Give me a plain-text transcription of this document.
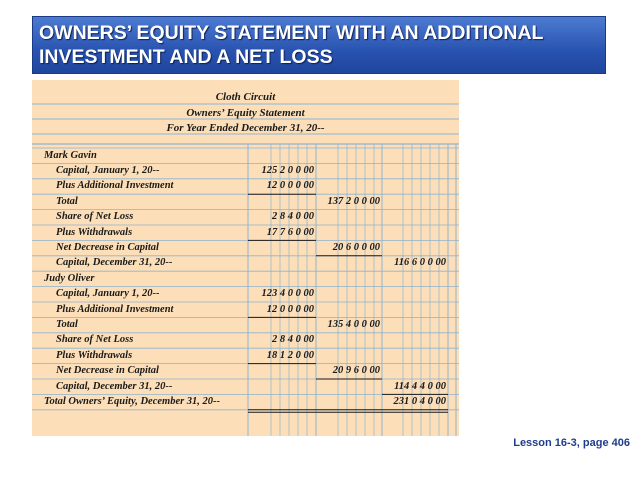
OWNERS’ EQUITY STATEMENT WITH AN ADDITIONAL
INVESTMENT AND A NET LOSS
Cloth Circuit
Owners’ Equity Statement
For Year Ended December 31, 20--
Mark Gavin
Capital, January 1, 20--	125 2 0 0 00
Plus Additional Investment	12 0 0 0 00
Total	137 2 0 0 00
Share of Net Loss	2 8 4 0 00
Plus Withdrawals	17 7 6 0 00
Net Decrease in Capital	20 6 0 0 00
Capital, December 31, 20--	116 6 0 0 00
Judy Oliver
Capital, January 1, 20--	123 4 0 0 00
Plus Additional Investment	12 0 0 0 00
Total	135 4 0 0 00
Share of Net Loss	2 8 4 0 00
Plus Withdrawals	18 1 2 0 00
Net Decrease in Capital	20 9 6 0 00
Capital, December 31, 20--	114 4 4 0 00
Total Owners’ Equity, December 31, 20--	231 0 4 0 00
Lesson 16-3, page 406
